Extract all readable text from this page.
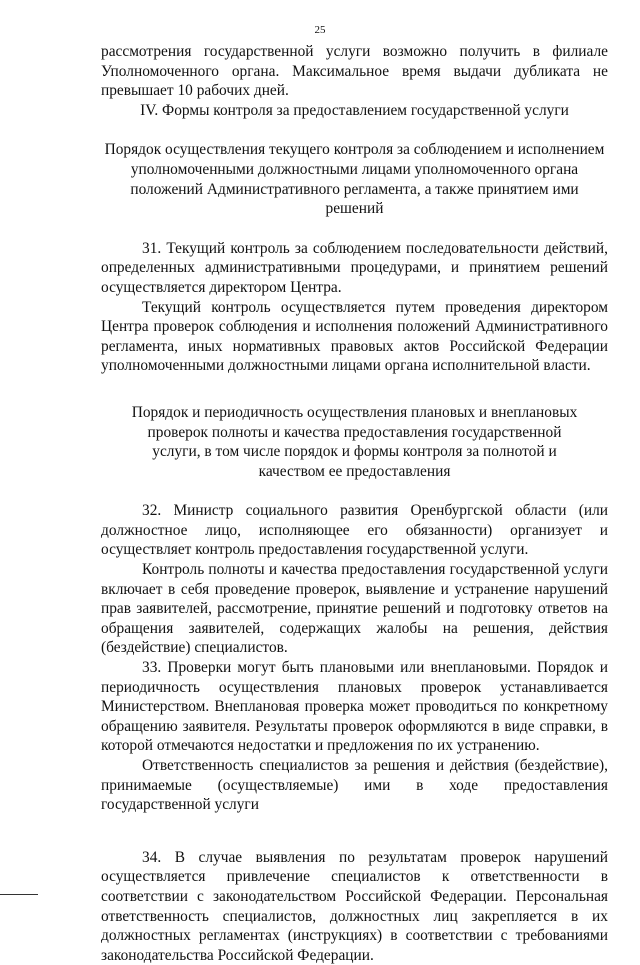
25

рассмотрения государственной услуги возможно получить в филиале Уполномоченного органа. Максимальное время выдачи дубликата не превышает 10 рабочих дней.

IV. Формы контроля за предоставлением государственной услуги

Порядок осуществления текущего контроля за соблюдением и исполнением уполномоченными должностными лицами уполномоченного органа положений Административного регламента, а также принятием ими решений

31. Текущий контроль за соблюдением последовательности действий, определенных административными процедурами, и принятием решений осуществляется директором Центра.

Текущий контроль осуществляется путем проведения директором Центра проверок соблюдения и исполнения положений Административного регламента, иных нормативных правовых актов Российской Федерации уполномоченными должностными лицами органа исполнительной власти.

Порядок и периодичность осуществления плановых и внеплановых проверок полноты и качества предоставления государственной услуги, в том числе порядок и формы контроля за полнотой и качеством ее предоставления

32. Министр социального развития Оренбургской области (или должностное лицо, исполняющее его обязанности) организует и осуществляет контроль предоставления государственной услуги.

Контроль полноты и качества предоставления государственной услуги включает в себя проведение проверок, выявление и устранение нарушений прав заявителей, рассмотрение, принятие решений и подготовку ответов на обращения заявителей, содержащих жалобы на решения, действия (бездействие) специалистов.

33. Проверки могут быть плановыми или внеплановыми. Порядок и периодичность осуществления плановых проверок устанавливается Министерством. Внеплановая проверка может проводиться по конкретному обращению заявителя. Результаты проверок оформляются в виде справки, в которой отмечаются недостатки и предложения по их устранению.

Ответственность специалистов за решения и действия (бездействие), принимаемые (осуществляемые) ими в ходе предоставления государственной услуги

34. В случае выявления по результатам проверок нарушений осуществляется привлечение специалистов к ответственности в соответствии с законодательством Российской Федерации. Персональная ответственность специалистов, должностных лиц закрепляется в их должностных регламентах (инструкциях) в соответствии с требованиями законодательства Российской Федерации.
